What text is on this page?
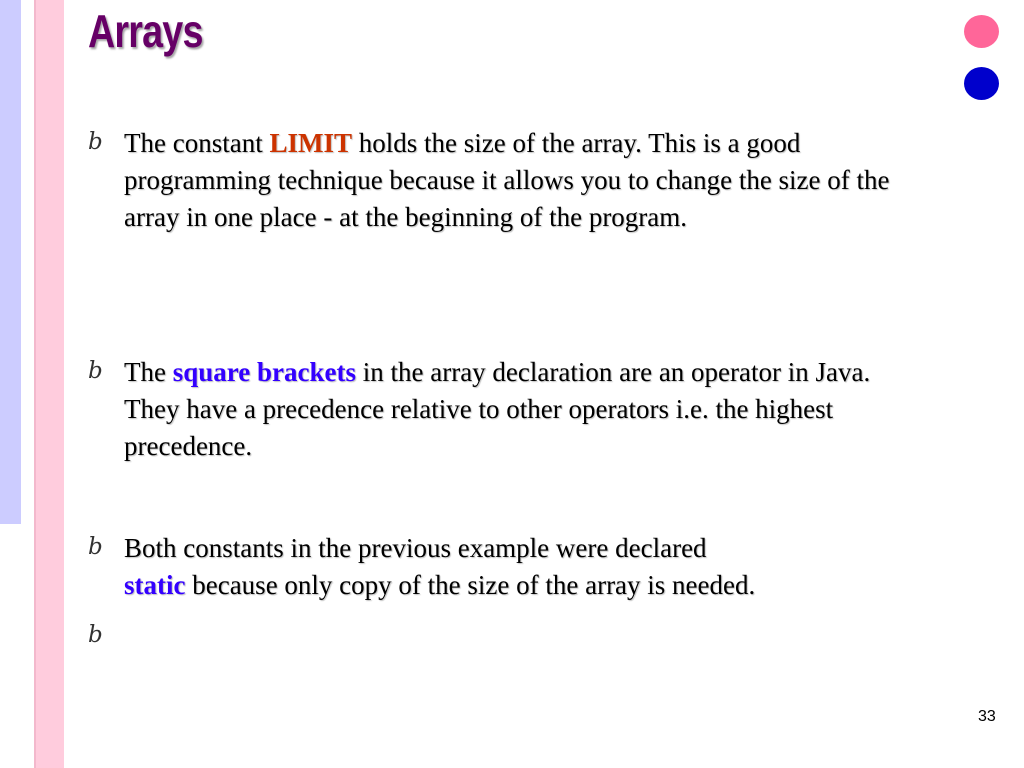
Arrays
b The constant LIMIT holds the size of the array. This is a good programming technique because it allows you to change the size of the array in one place - at the beginning of the program.
b The square brackets in the array declaration are an operator in Java. They have a precedence relative to other operators i.e. the highest precedence.
b Both constants in the previous example were declared
static because only copy of the size of the array is needed.
b
33
